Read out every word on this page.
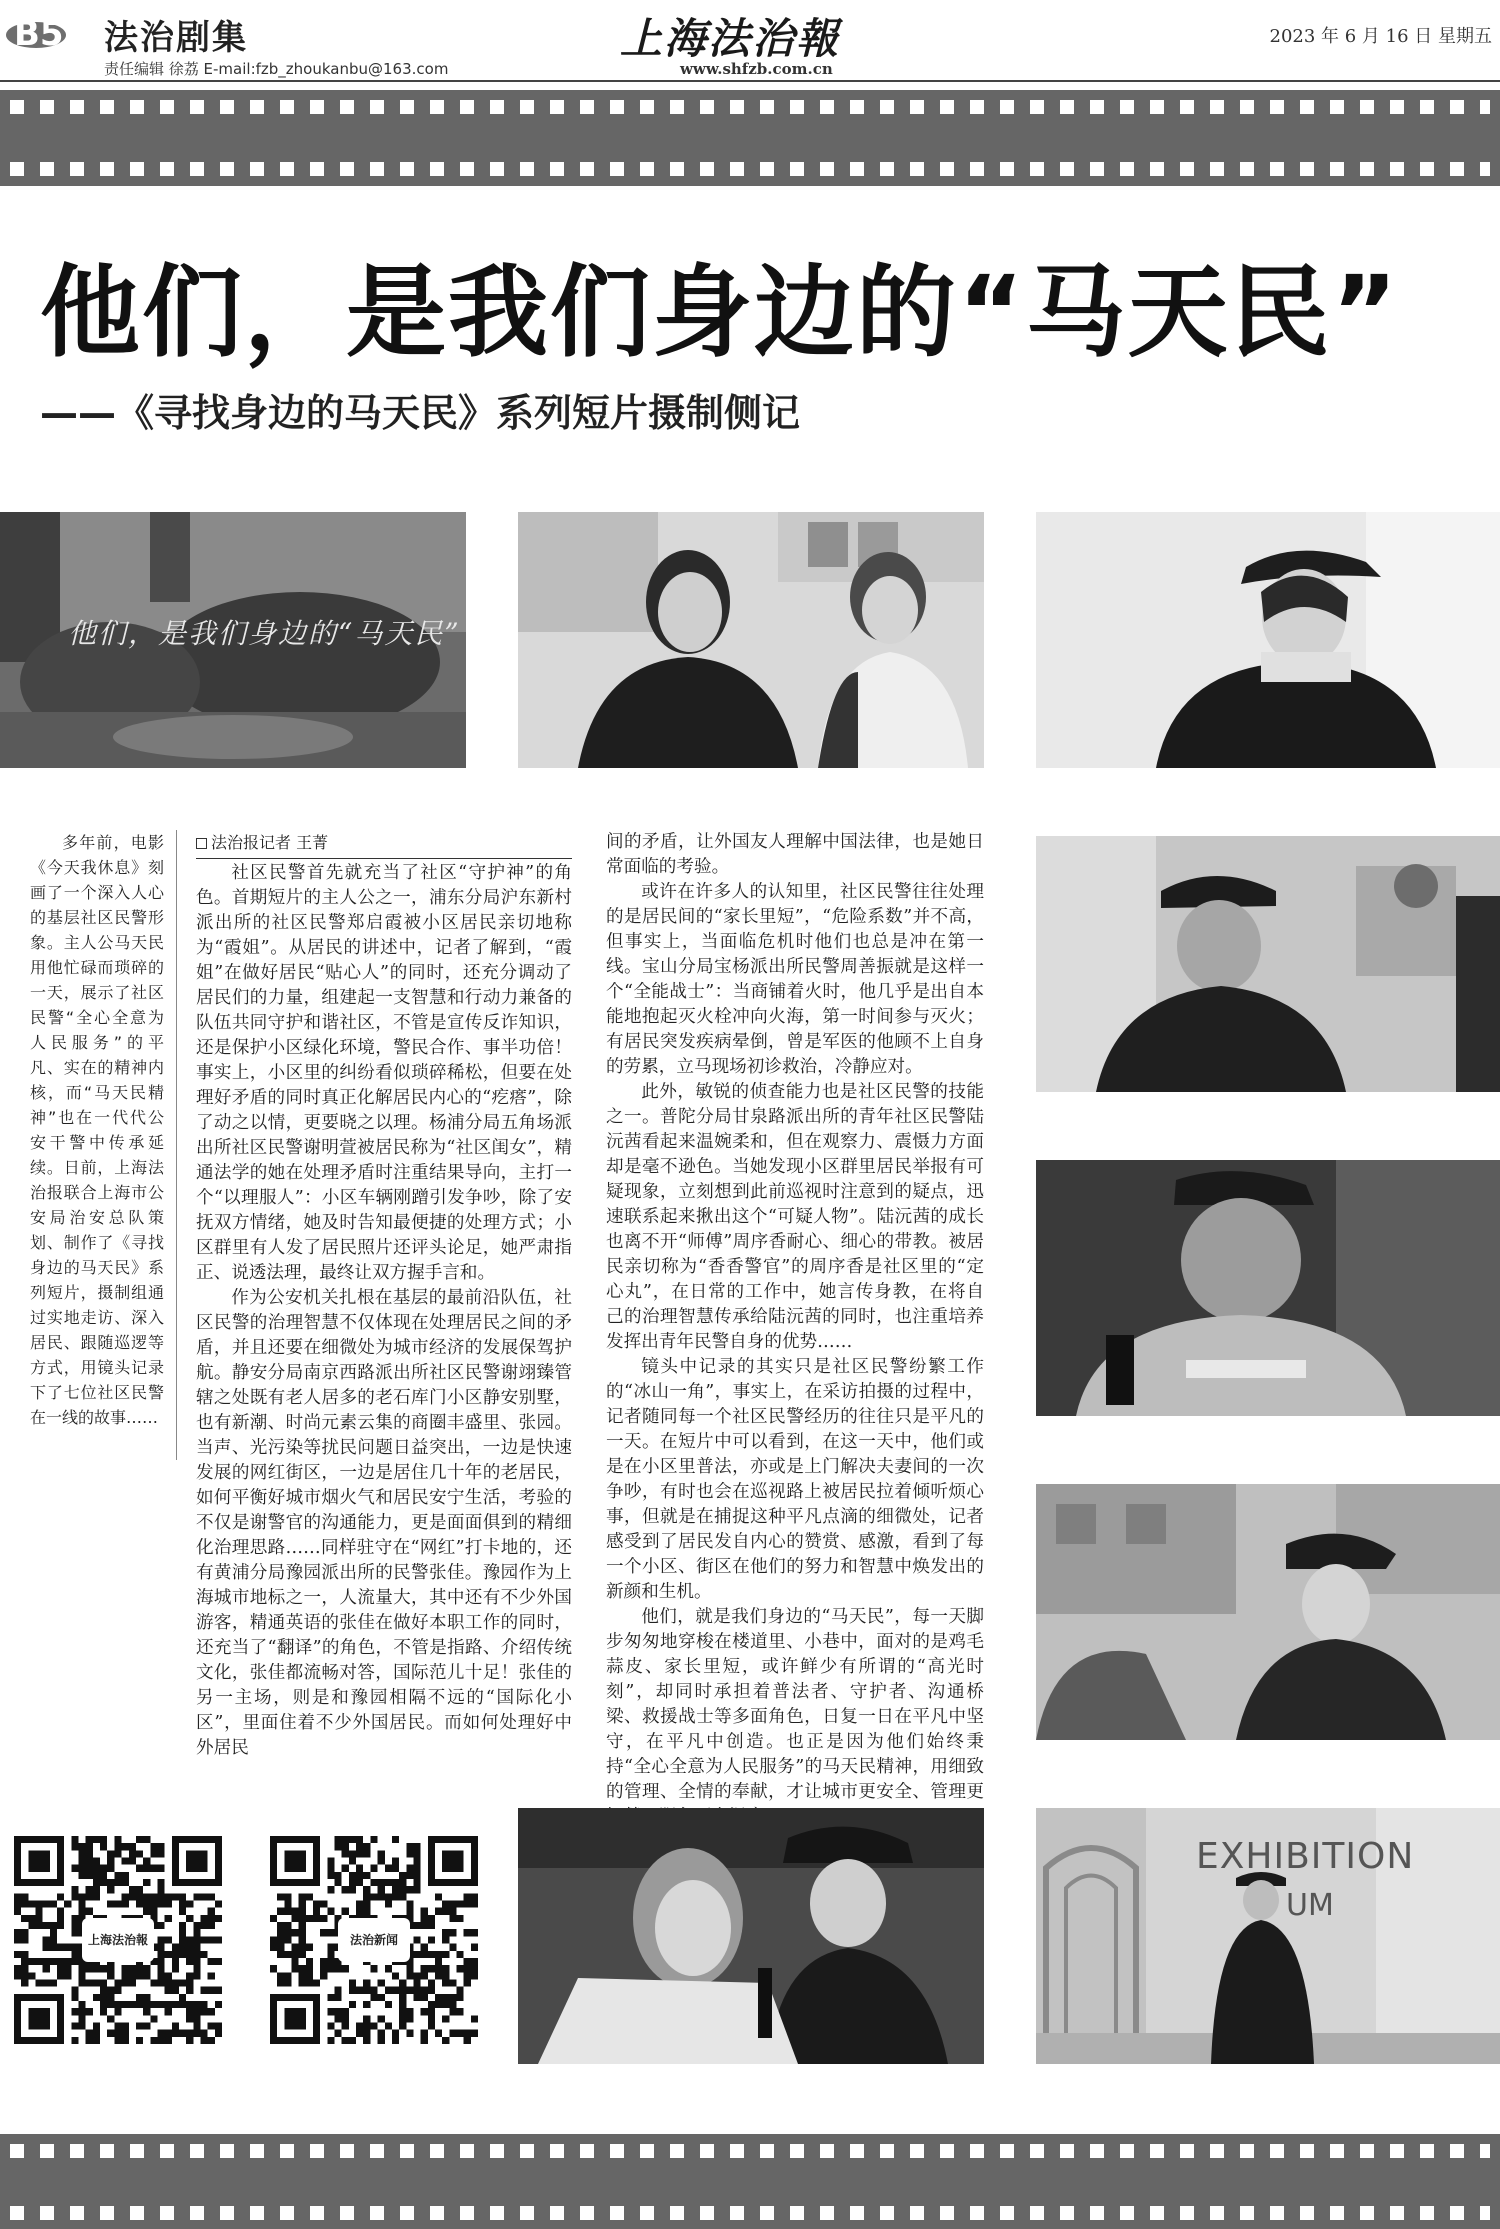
B5 法治剧集
责任编辑 徐荔 E-mail:fzb_zhoukanbu@163.com
上海法治報
www.shfzb.com.cn
2023 年 6 月 16 日 星期五
他们，是我们身边的“马天民”
——《寻找身边的马天民》系列短片摄制侧记
他们，是我们身边的“马天民”
多年前，电影《今天我休息》刻画了一个深入人心的基层社区民警形象。主人公马天民用他忙碌而琐碎的一天，展示了社区民警“全心全意为人民服务”的平凡、实在的精神内核，而“马天民精神”也在一代代公安干警中传承延续。日前，上海法治报联合上海市公安局治安总队策划、制作了《寻找身边的马天民》系列短片，摄制组通过实地走访、深入居民、跟随巡逻等方式，用镜头记录下了七位社区民警在一线的故事……
法治报记者 王菁

社区民警首先就充当了社区“守护神”的角色。首期短片的主人公之一，浦东分局沪东新村派出所的社区民警郑启霞被小区居民亲切地称为“霞姐”。从居民的讲述中，记者了解到，“霞姐”在做好居民“贴心人”的同时，还充分调动了居民们的力量，组建起一支智慧和行动力兼备的队伍共同守护和谐社区，不管是宣传反诈知识，还是保护小区绿化环境，警民合作、事半功倍！事实上，小区里的纠纷看似琐碎稀松，但要在处理好矛盾的同时真正化解居民内心的“疙瘩”，除了动之以情，更要晓之以理。杨浦分局五角场派出所社区民警谢明萱被居民称为“社区闺女”，精通法学的她在处理矛盾时注重结果导向，主打一个“以理服人”：小区车辆刚蹭引发争吵，除了安抚双方情绪，她及时告知最便捷的处理方式；小区群里有人发了居民照片还评头论足，她严肃指正、说透法理，最终让双方握手言和。

作为公安机关扎根在基层的最前沿队伍，社区民警的治理智慧不仅体现在处理居民之间的矛盾，并且还要在细微处为城市经济的发展保驾护航。静安分局南京西路派出所社区民警谢翊臻管辖之处既有老人居多的老石库门小区静安别墅，也有新潮、时尚元素云集的商圈丰盛里、张园。当声、光污染等扰民问题日益突出，一边是快速发展的网红街区，一边是居住几十年的老居民，如何平衡好城市烟火气和居民安宁生活，考验的不仅是谢警官的沟通能力，更是面面俱到的精细化治理思路……同样驻守在“网红”打卡地的，还有黄浦分局豫园派出所的民警张佳。豫园作为上海城市地标之一，人流量大，其中还有不少外国游客，精通英语的张佳在做好本职工作的同时，还充当了“翻译”的角色，不管是指路、介绍传统文化，张佳都流畅对答，国际范儿十足！张佳的另一主场，则是和豫园相隔不远的“国际化小区”，里面住着不少外国居民。而如何处理好中外居民

间的矛盾，让外国友人理解中国法律，也是她日常面临的考验。

或许在许多人的认知里，社区民警往往处理的是居民间的“家长里短”，“危险系数”并不高，但事实上，当面临危机时他们也总是冲在第一线。宝山分局宝杨派出所民警周善振就是这样一个“全能战士”：当商铺着火时，他几乎是出自本能地抱起灭火栓冲向火海，第一时间参与灭火；有居民突发疾病晕倒，曾是军医的他顾不上自身的劳累，立马现场初诊救治，冷静应对。

此外，敏锐的侦查能力也是社区民警的技能之一。普陀分局甘泉路派出所的青年社区民警陆沅茜看起来温婉柔和，但在观察力、震慑力方面却是毫不逊色。当她发现小区群里居民举报有可疑现象，立刻想到此前巡视时注意到的疑点，迅速联系起来揪出这个“可疑人物”。陆沅茜的成长也离不开“师傅”周序香耐心、细心的带教。被居民亲切称为“香香警官”的周序香是社区里的“定心丸”，在日常的工作中，她言传身教，在将自己的治理智慧传承给陆沅茜的同时，也注重培养发挥出青年民警自身的优势……

镜头中记录的其实只是社区民警纷繁工作的“冰山一角”，事实上，在采访拍摄的过程中，记者随同每一个社区民警经历的往往只是平凡的一天。在短片中可以看到，在这一天中，他们或是在小区里普法，亦或是上门解决夫妻间的一次争吵，有时也会在巡视路上被居民拉着倾听烦心事，但就是在捕捉这种平凡点滴的细微处，记者感受到了居民发自内心的赞赏、感激，看到了每一个小区、街区在他们的努力和智慧中焕发出的新颜和生机。

他们，就是我们身边的“马天民”，每一天脚步匆匆地穿梭在楼道里、小巷中，面对的是鸡毛蒜皮、家长里短，或许鲜少有所谓的“高光时刻”，却同时承担着普法者、守护者、沟通桥梁、救援战士等多面角色，日复一日在平凡中坚守，在平凡中创造。也正是因为他们始终秉持“全心全意为人民服务”的马天民精神，用细致的管理、全情的奉献，才让城市更安全、管理更

上海法治報	法治新闻
EXHIBITION
UM
